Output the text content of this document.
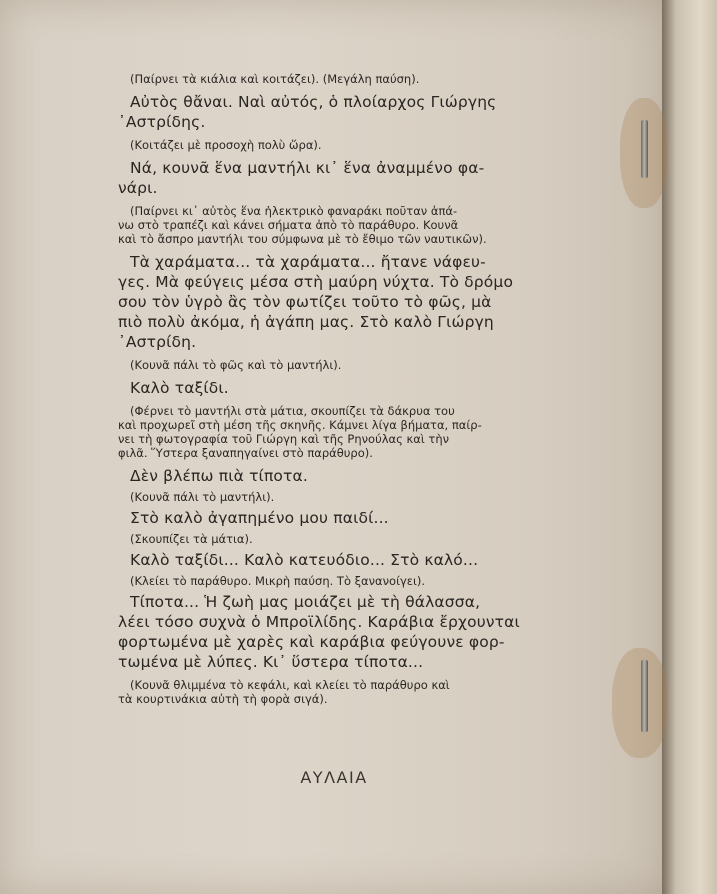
(Παίρνει τὰ κιάλια καὶ κοιτάζει). (Μεγάλη παύση).
Αὐτὸς θἄναι. Ναὶ αὐτός, ὁ πλοίαρχος Γιώργης
᾿Αστρίδης.
(Κοιτάζει μὲ προσοχὴ πολὺ ὥρα).
Νά, κουνᾶ ἕνα μαντήλι κι᾿ ἕνα ἀναμμένο φα-
νάρι.
(Παίρνει κι᾿ αὐτὸς ἕνα ἠλεκτρικὸ φαναράκι ποῦταν ἀπά-
νω στὸ τραπέζι καὶ κάνει σήματα ἀπὸ τὸ παράθυρο. Κουνᾶ
καὶ τὸ ἄσπρο μαντήλι του σύμφωνα μὲ τὸ ἔθιμο τῶν ναυτικῶν).
Τὰ χαράματα... τὰ χαράματα... ἤτανε νάφευ-
γες. Μὰ φεύγεις μέσα στὴ μαύρη νύχτα. Τὸ δρόμο
σου τὸν ὑγρὸ ἂς τὸν φωτίζει τοῦτο τὸ φῶς, μὰ
πιὸ πολὺ ἀκόμα, ἡ ἀγάπη μας. Στὸ καλὸ Γιώργη
᾿Αστρίδη.
(Κουνᾶ πάλι τὸ φῶς καὶ τὸ μαντήλι).
Καλὸ ταξίδι.
(Φέρνει τὸ μαντήλι στὰ μάτια, σκουπίζει τὰ δάκρυα του
καὶ προχωρεῖ στὴ μέση τῆς σκηνῆς. Κάμνει λίγα βήματα, παίρ-
νει τὴ φωτογραφία τοῦ Γιώργη καὶ τῆς Ρηνούλας καὶ τὴν
φιλᾶ. Ὕστερα ξαναπηγαίνει στὸ παράθυρο).
Δὲν βλέπω πιὰ τίποτα.
(Κουνᾶ πάλι τὸ μαντήλι).
Στὸ καλὸ ἀγαπημένο μου παιδί...
(Σκουπίζει τὰ μάτια).
Καλὸ ταξίδι... Καλὸ κατευόδιο... Στὸ καλό...
(Κλείει τὸ παράθυρο. Μικρὴ παύση. Τὸ ξανανοίγει).
Τίποτα... Ἡ ζωὴ μας μοιάζει μὲ τὴ θάλασσα,
λέει τόσο συχνὰ ὁ Μπροϊλίδης. Καράβια ἔρχουνται
φορτωμένα μὲ χαρὲς καὶ καράβια φεύγουνε φορ-
τωμένα μὲ λύπες. Κι᾿ ὕστερα τίποτα...
(Κουνᾶ θλιμμένα τὸ κεφάλι, καὶ κλείει τὸ παράθυρο καὶ
τὰ κουρτινάκια αὐτὴ τὴ φορὰ σιγά).
ΑΥΛΑΙΑ
